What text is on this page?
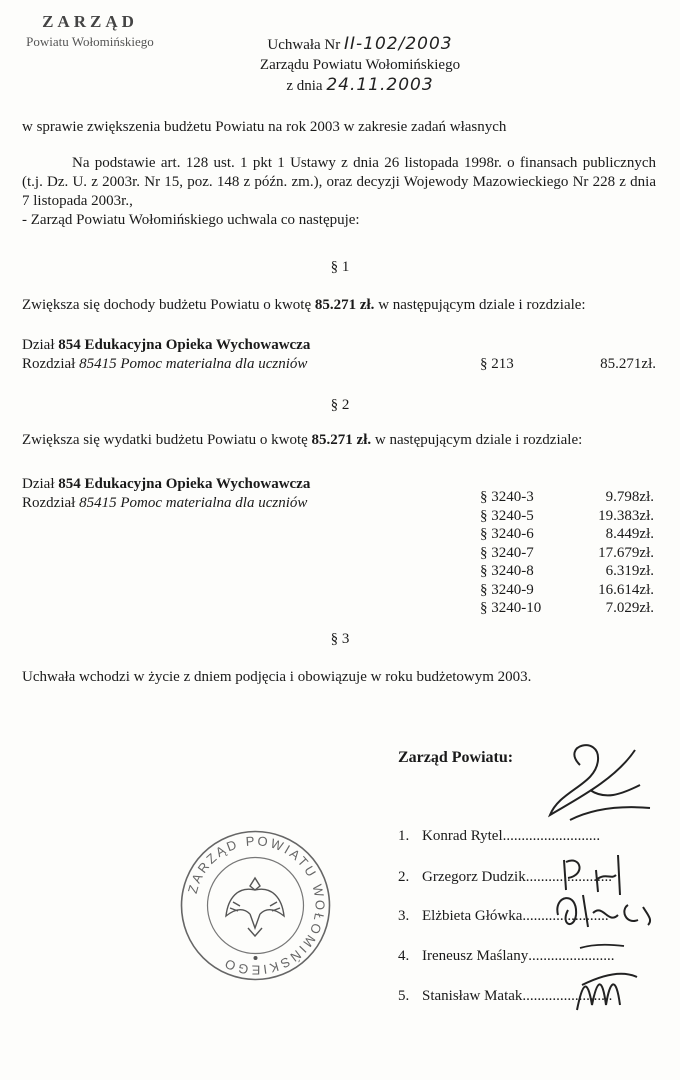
ZARZĄD
Powiatu Wołomińskiego	Uchwała Nr II-102/2003
Zarządu Powiatu Wołomińskiego
z dnia 24.11.2003
w sprawie zwiększenia budżetu Powiatu na rok 2003 w zakresie zadań własnych
Na podstawie art. 128 ust. 1 pkt 1 Ustawy z dnia 26 listopada 1998r. o finansach publicznych (t.j. Dz. U. z 2003r. Nr 15, poz. 148 z późn. zm.), oraz decyzji Wojewody Mazowieckiego Nr 228 z dnia 7 listopada 2003r.,
- Zarząd Powiatu Wołomińskiego uchwala co następuje:
§ 1
Zwiększa się dochody budżetu Powiatu o kwotę 85.271 zł. w następującym dziale i rozdziale:
Dział 854 Edukacyjna Opieka Wychowawcza
Rozdział 85415 Pomoc materialna dla uczniów	§ 213	85.271zł.
§ 2
Zwiększa się wydatki budżetu Powiatu o kwotę 85.271 zł. w następującym dziale i rozdziale:
Dział 854 Edukacyjna Opieka Wychowawcza
Rozdział 85415 Pomoc materialna dla uczniów	§ 3240-3	9.798zł.
§ 3240-5	19.383zł.
§ 3240-6	8.449zł.
§ 3240-7	17.679zł.
§ 3240-8	6.319zł.
§ 3240-9	16.614zł.
§ 3240-10	7.029zł.
§ 3
Uchwała wchodzi w życie z dniem podjęcia i obowiązuje w roku budżetowym 2003.
Zarząd Powiatu:
1. Konrad Rytel..........................
2. Grzegorz Dudzik.......................
3. Elżbieta Główka.......................
4. Ireneusz Maślany.......................
5. Stanisław Matak........................
ZARZĄD POWIATU WOŁOMIŃSKIEGO
